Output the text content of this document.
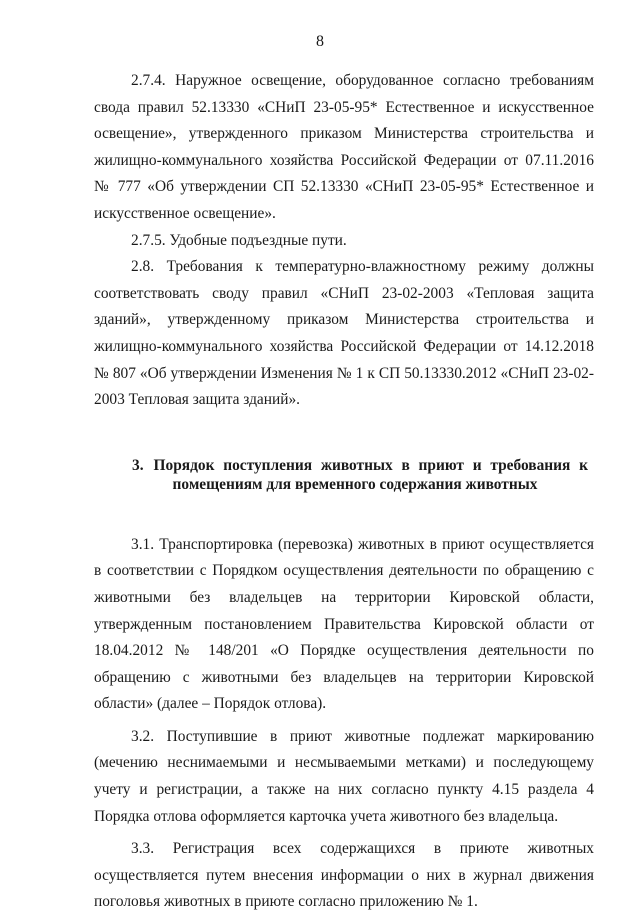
8

2.7.4. Наружное освещение, оборудованное согласно требованиям свода правил 52.13330 «СНиП 23-05-95* Естественное и искусственное освещение», утвержденного приказом Министерства строительства и жилищно-коммунального хозяйства Российской Федерации от 07.11.2016 № 777 «Об утверждении СП 52.13330 «СНиП 23-05-95* Естественное и искусственное освещение».

2.7.5. Удобные подъездные пути.

2.8. Требования к температурно-влажностному режиму должны соответствовать своду правил «СНиП 23-02-2003 «Тепловая защита зданий», утвержденному приказом Министерства строительства и жилищно-коммунального хозяйства Российской Федерации от 14.12.2018 № 807 «Об утверждении Изменения № 1 к СП 50.13330.2012 «СНиП 23-02-2003 Тепловая защита зданий».

3. Порядок поступления животных в приют и требования к
помещениям для временного содержания животных

3.1. Транспортировка (перевозка) животных в приют осуществляется в соответствии с Порядком осуществления деятельности по обращению с животными без владельцев на территории Кировской области, утвержденным постановлением Правительства Кировской области от 18.04.2012 № 148/201 «О Порядке осуществления деятельности по обращению с животными без владельцев на территории Кировской области» (далее – Порядок отлова).

3.2. Поступившие в приют животные подлежат маркированию (мечению неснимаемыми и несмываемыми метками) и последующему учету и регистрации, а также на них согласно пункту 4.15 раздела 4 Порядка отлова оформляется карточка учета животного без владельца.

3.3. Регистрация всех содержащихся в приюте животных осуществляется путем внесения информации о них в журнал движения поголовья животных в приюте согласно приложению № 1.
